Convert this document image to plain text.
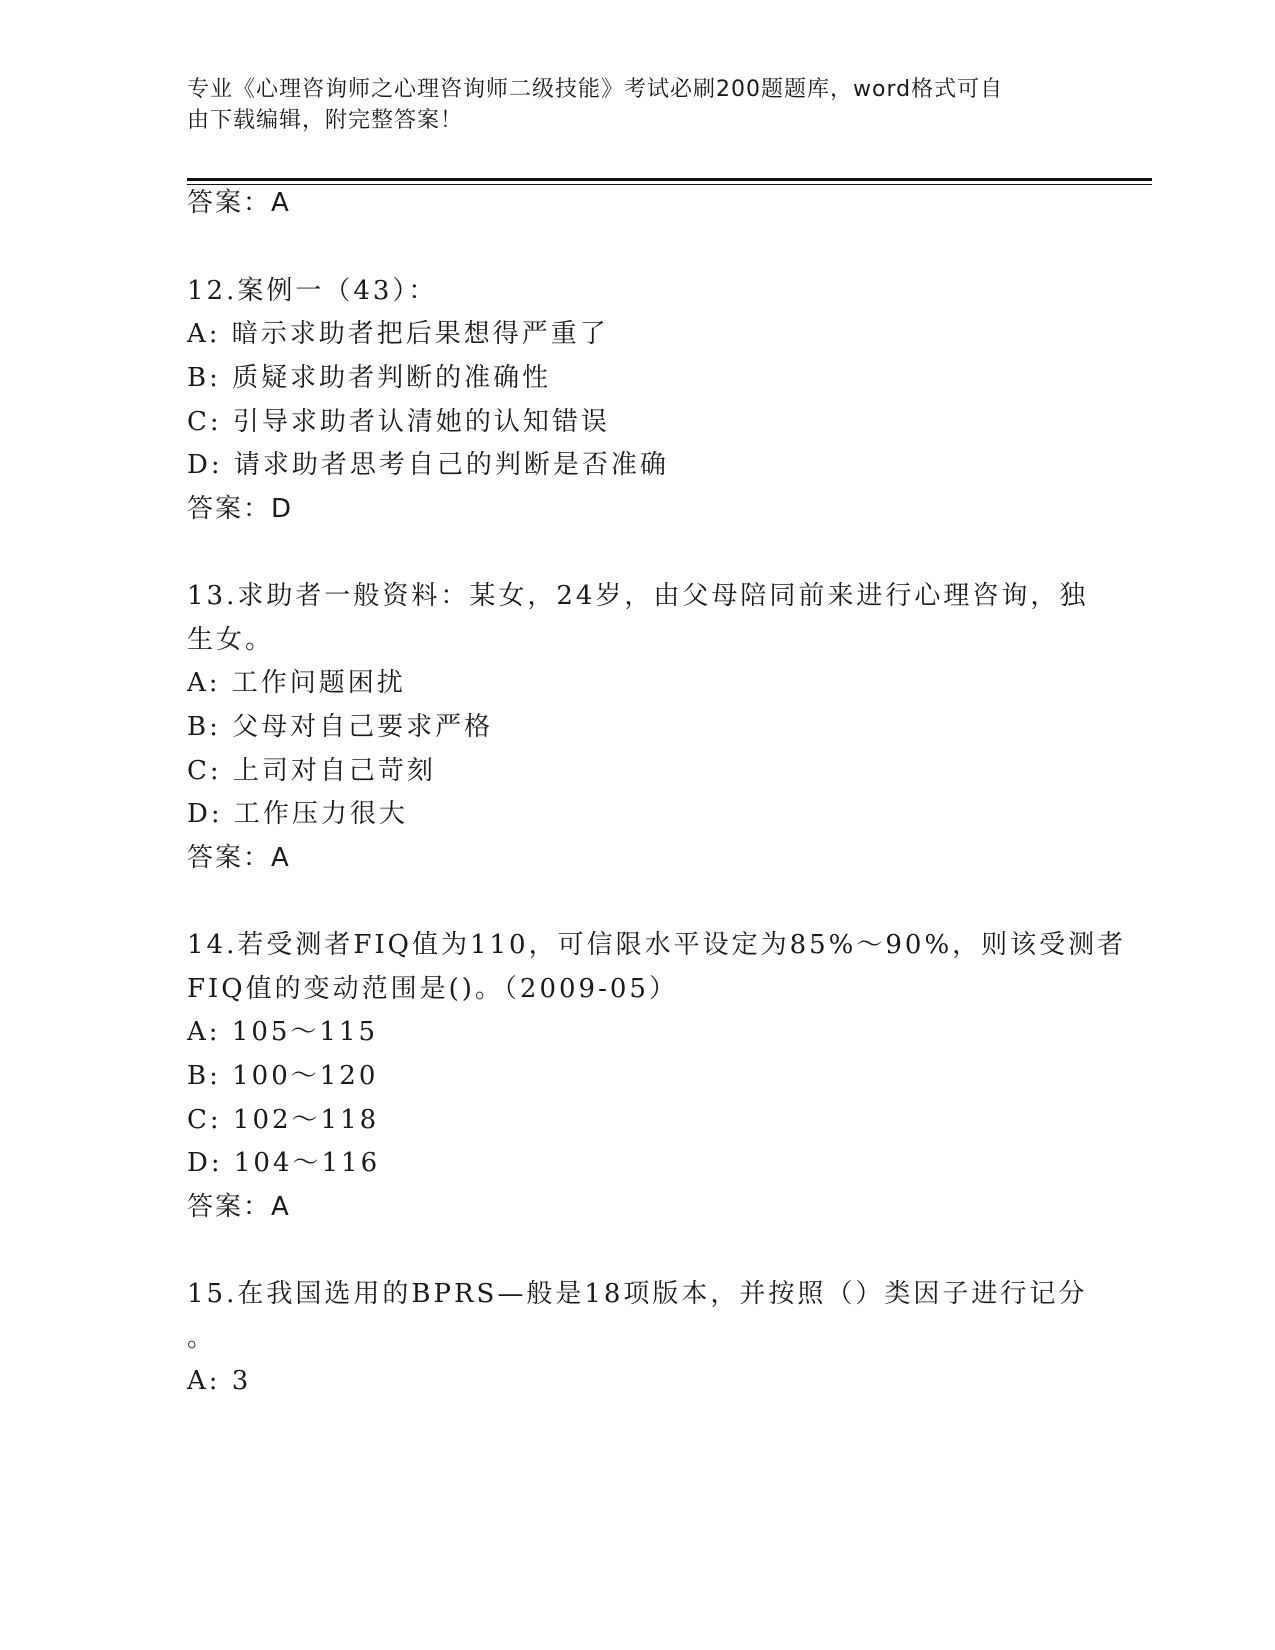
专业《心理咨询师之心理咨询师二级技能》考试必刷200题题库，word格式可自
由下载编辑，附完整答案！
答案：A
12.案例一（43）：
A: 暗示求助者把后果想得严重了
B: 质疑求助者判断的准确性
C: 引导求助者认清她的认知错误
D: 请求助者思考自己的判断是否准确
答案：D
13.求助者一般资料：某女，24岁，由父母陪同前来进行心理咨询，独
生女。
A: 工作问题困扰
B: 父母对自己要求严格
C: 上司对自己苛刻
D: 工作压力很大
答案：A
14.若受测者FIQ值为110，可信限水平设定为85%～90%，则该受测者
FIQ值的变动范围是()。（2009-05）
A: 105～115
B: 100～120
C: 102～118
D: 104～116
答案：A
15.在我国选用的BPRS—般是18项版本，并按照（）类因子进行记分
。
A: 3
